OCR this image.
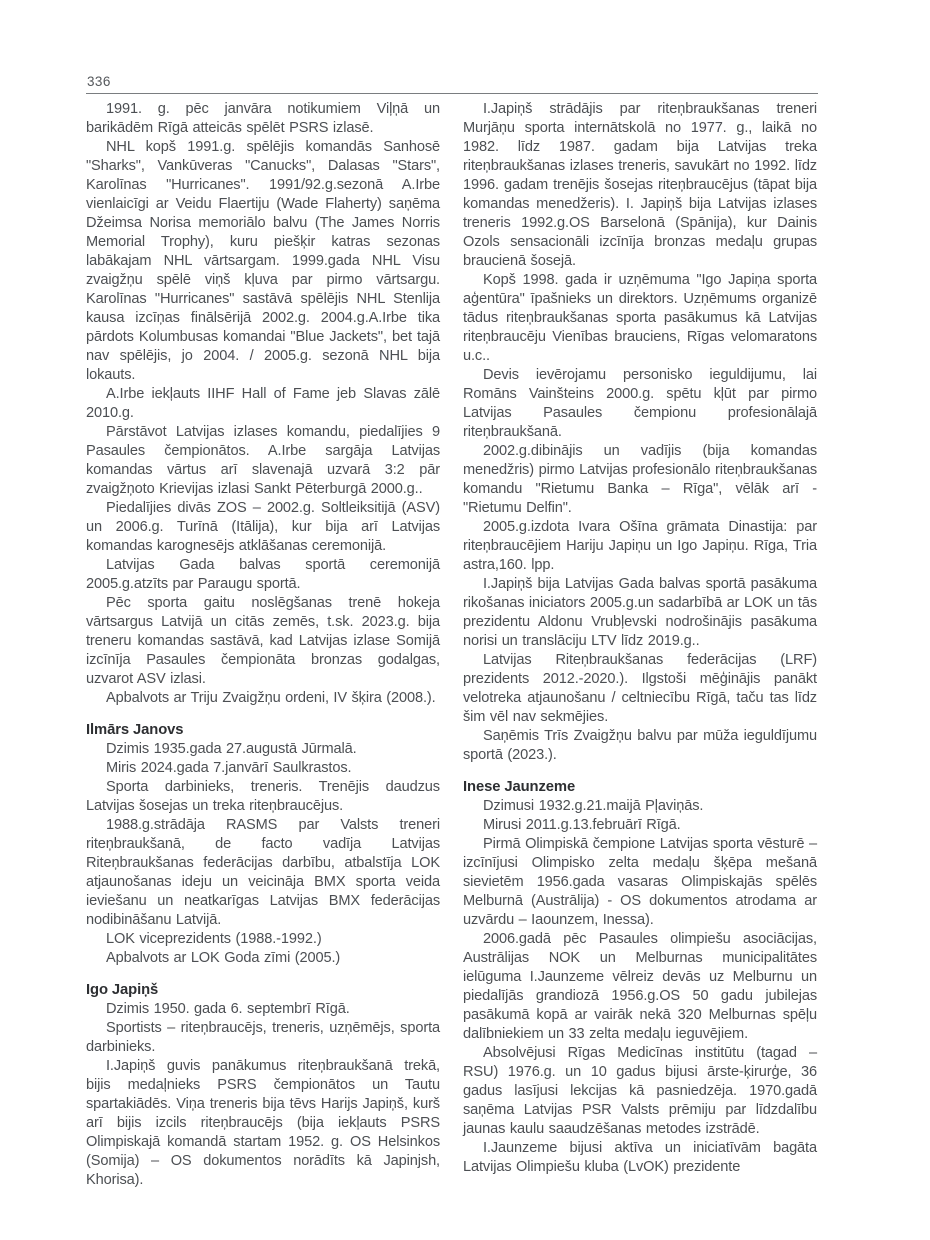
336

1991. g. pēc janvāra notikumiem Viļņā un barikādēm Rīgā atteicās spēlēt PSRS izlasē.

NHL kopš 1991.g. spēlējis komandās Sanhosē "Sharks", Vankūveras "Canucks", Dalasas "Stars", Karolīnas "Hurricanes". 1991/92.g.sezonā A.Irbe vienlaicīgi ar Veidu Flaertiju (Wade Flaherty) saņēma Džeimsa Norisa memoriālo balvu (The James Norris Memorial Trophy), kuru piešķir katras sezonas labākajam NHL vārtsargam. 1999.gada NHL Visu zvaigžņu spēlē viņš kļuva par pirmo vārtsargu. Karolīnas "Hurricanes" sastāvā spēlējis NHL Stenlija kausa izcīņas finālsērijā 2002.g. 2004.g.A.Irbe tika pārdots Kolumbusas komandai "Blue Jackets", bet tajā nav spēlējis, jo 2004. / 2005.g. sezonā NHL bija lokauts.

A.Irbe iekļauts IIHF Hall of Fame jeb Slavas zālē 2010.g.

Pārstāvot Latvijas izlases komandu, piedalījies 9 Pasaules čempionātos. A.Irbe sargāja Latvijas komandas vārtus arī slavenajā uzvarā 3:2 pār zvaigžņoto Krievijas izlasi Sankt Pēterburgā 2000.g..

Piedalījies divās ZOS – 2002.g. Soltleiksitijā (ASV) un 2006.g. Turīnā (Itālija), kur bija arī Latvijas komandas karognesējs atklāšanas ceremonijā.

Latvijas Gada balvas sportā ceremonijā 2005.g.atzīts par Paraugu sportā.

Pēc sporta gaitu noslēgšanas trenē hokeja vārtsargus Latvijā un citās zemēs, t.sk. 2023.g. bija treneru komandas sastāvā, kad Latvijas izlase Somijā izcīnīja Pasaules čempionāta bronzas godalgas, uzvarot ASV izlasi.

Apbalvots ar Triju Zvaigžņu ordeni, IV šķira (2008.).

Ilmārs Janovs

Dzimis 1935.gada 27.augustā Jūrmalā.

Miris 2024.gada 7.janvārī Saulkrastos.

Sporta darbinieks, treneris. Trenējis daudzus Latvijas šosejas un treka riteņbraucējus.

1988.g.strādāja RASMS par Valsts treneri riteņbraukšanā, de facto vadīja Latvijas Riteņbraukšanas federācijas darbību, atbalstīja LOK atjaunošanas ideju un veicināja BMX sporta veida ieviešanu un neatkarīgas Latvijas BMX federācijas nodibināšanu Latvijā.

LOK viceprezidents (1988.-1992.)

Apbalvots ar LOK Goda zīmi (2005.)

Igo Japiņš

Dzimis 1950. gada 6. septembrī Rīgā.

Sportists – riteņbraucējs, treneris, uzņēmējs, sporta darbinieks.

I.Japiņš guvis panākumus riteņbraukšanā trekā, bijis medaļnieks PSRS čempionātos un Tautu spartakiādēs. Viņa treneris bija tēvs Harijs Japiņš, kurš arī bijis izcils riteņbraucējs (bija iekļauts PSRS Olimpiskajā komandā startam 1952. g. OS Helsinkos (Somija) – OS dokumentos norādīts kā Japinjsh, Khorisa).

I.Japiņš strādājis par riteņbraukšanas treneri Murjāņu sporta internātskolā no 1977. g., laikā no 1982. līdz 1987. gadam bija Latvijas treka riteņbraukšanas izlases treneris, savukārt no 1992. līdz 1996. gadam trenējis šosejas riteņbraucējus (tāpat bija komandas menedžeris). I. Japiņš bija Latvijas izlases treneris 1992.g.OS Barselonā (Spānija), kur Dainis Ozols sensacionāli izcīnīja bronzas medaļu grupas braucienā šosejā.

Kopš 1998. gada ir uzņēmuma "Igo Japiņa sporta aģentūra" īpašnieks un direktors. Uzņēmums organizē tādus riteņbraukšanas sporta pasākumus kā Latvijas riteņbraucēju Vienības brauciens, Rīgas velomaratons u.c..

Devis ievērojamu personisko ieguldijumu, lai Romāns Vainšteins 2000.g. spētu kļūt par pirmo Latvijas Pasaules čempionu profesionālajā riteņbraukšanā.

2002.g.dibinājis un vadījis (bija komandas menedžris) pirmo Latvijas profesionālo riteņbraukšanas komandu "Rietumu Banka – Rīga", vēlāk arī - "Rietumu Delfin".

2005.g.izdota Ivara Ošīna grāmata Dinastija: par riteņbraucējiem Hariju Japiņu un Igo Japiņu. Rīga, Tria astra,160. lpp.

I.Japiņš bija Latvijas Gada balvas sportā pasākuma rikošanas iniciators 2005.g.un sadarbībā ar LOK un tās prezidentu Aldonu Vrubļevski nodrošinājis pasākuma norisi un translāciju LTV līdz 2019.g..

Latvijas Riteņbraukšanas federācijas (LRF) prezidents 2012.-2020.). Ilgstoši mēģinājis panākt velotreka atjaunošanu / celtniecību Rīgā, taču tas līdz šim vēl nav sekmējies.

Saņēmis Trīs Zvaigžņu balvu par mūža ieguldījumu sportā (2023.).

Inese Jaunzeme

Dzimusi 1932.g.21.maijā Pļaviņās.

Mirusi 2011.g.13.februārī Rīgā.

Pirmā Olimpiskā čempione Latvijas sporta vēsturē – izcīnījusi Olimpisko zelta medaļu šķēpa mešanā sievietēm 1956.gada vasaras Olimpiskajās spēlēs Melburnā (Austrālija) - OS dokumentos atrodama ar uzvārdu – Iaounzem, Inessa).

2006.gadā pēc Pasaules olimpiešu asociācijas, Austrālijas NOK un Melburnas municipalitātes ielūguma I.Jaunzeme vēlreiz devās uz Melburnu un piedalījās grandiozā 1956.g.OS 50 gadu jubilejas pasākumā kopā ar vairāk nekā 320 Melburnas spēļu dalībniekiem un 33 zelta medaļu ieguvējiem.

Absolvējusi Rīgas Medicīnas institūtu (tagad – RSU) 1976.g. un 10 gadus bijusi ārste-ķirurģe, 36 gadus lasījusi lekcijas kā pasniedzēja. 1970.gadā saņēma Latvijas PSR Valsts prēmiju par līdzdalību jaunas kaulu saaudzēšanas metodes izstrādē.

I.Jaunzeme bijusi aktīva un iniciatīvām bagāta Latvijas Olimpiešu kluba (LvOK) prezidente
